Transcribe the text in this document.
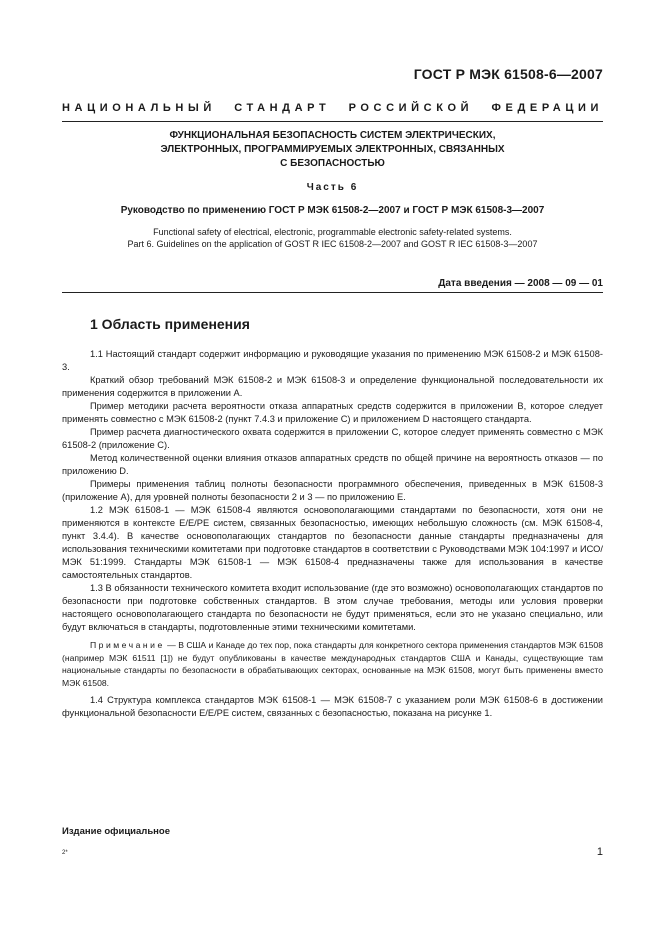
ГОСТ Р МЭК 61508-6—2007
НАЦИОНАЛЬНЫЙ СТАНДАРТ РОССИЙСКОЙ ФЕДЕРАЦИИ
ФУНКЦИОНАЛЬНАЯ БЕЗОПАСНОСТЬ СИСТЕМ ЭЛЕКТРИЧЕСКИХ,
ЭЛЕКТРОННЫХ, ПРОГРАММИРУЕМЫХ ЭЛЕКТРОННЫХ, СВЯЗАННЫХ
С БЕЗОПАСНОСТЬЮ
Часть 6
Руководство по применению ГОСТ Р МЭК 61508-2—2007 и ГОСТ Р МЭК 61508-3—2007
Functional safety of electrical, electronic, programmable electronic safety-related systems.
Part 6. Guidelines on the application of GOST R IEC 61508-2—2007 and GOST R IEC 61508-3—2007
Дата введения — 2008 — 09 — 01
1 Область применения

1.1 Настоящий стандарт содержит информацию и руководящие указания по применению МЭК 61508-2 и МЭК 61508-3.

Краткий обзор требований МЭК 61508-2 и МЭК 61508-3 и определение функциональной последовательности их применения содержится в приложении А.

Пример методики расчета вероятности отказа аппаратных средств содержится в приложении В, которое следует применять совместно с МЭК 61508-2 (пункт 7.4.3 и приложение С) и приложением D настоящего стандарта.

Пример расчета диагностического охвата содержится в приложении С, которое следует применять совместно с МЭК 61508-2 (приложение С).

Метод количественной оценки влияния отказов аппаратных средств по общей причине на вероятность отказов — по приложению D.

Примеры применения таблиц полноты безопасности программного обеспечения, приведенных в МЭК 61508-3 (приложение А), для уровней полноты безопасности 2 и 3 — по приложению Е.

1.2 МЭК 61508-1 — МЭК 61508-4 являются основополагающими стандартами по безопасности, хотя они не применяются в контексте E/E/PE систем, связанных безопасностью, имеющих небольшую сложность (см. МЭК 61508-4, пункт 3.4.4). В качестве основополагающих стандартов по безопасности данные стандарты предназначены для использования техническими комитетами при подготовке стандартов в соответствии с Руководствами МЭК 104:1997 и ИСО/МЭК 51:1999. Стандарты МЭК 61508-1 — МЭК 61508-4 предназначены также для использования в качестве самостоятельных стандартов.

1.3 В обязанности технического комитета входит использование (где это возможно) основополагающих стандартов по безопасности при подготовке собственных стандартов. В этом случае требования, методы или условия проверки настоящего основополагающего стандарта по безопасности не будут применяться, если это не указано специально, или будут включаться в стандарты, подготовленные этими техническими комитетами.

Примечание — В США и Канаде до тех пор, пока стандарты для конкретного сектора применения стандартов МЭК 61508 (например МЭК 61511 [1]) не будут опубликованы в качестве международных стандартов США и Канады, существующие там национальные стандарты по безопасности в обрабатывающих секторах, основанные на МЭК 61508, могут быть применены вместо МЭК 61508.

1.4 Структура комплекса стандартов МЭК 61508-1 — МЭК 61508-7 с указанием роли МЭК 61508-6 в достижении функциональной безопасности E/E/PE систем, связанных с безопасностью, показана на рисунке 1.

Издание официальное
2*	1
